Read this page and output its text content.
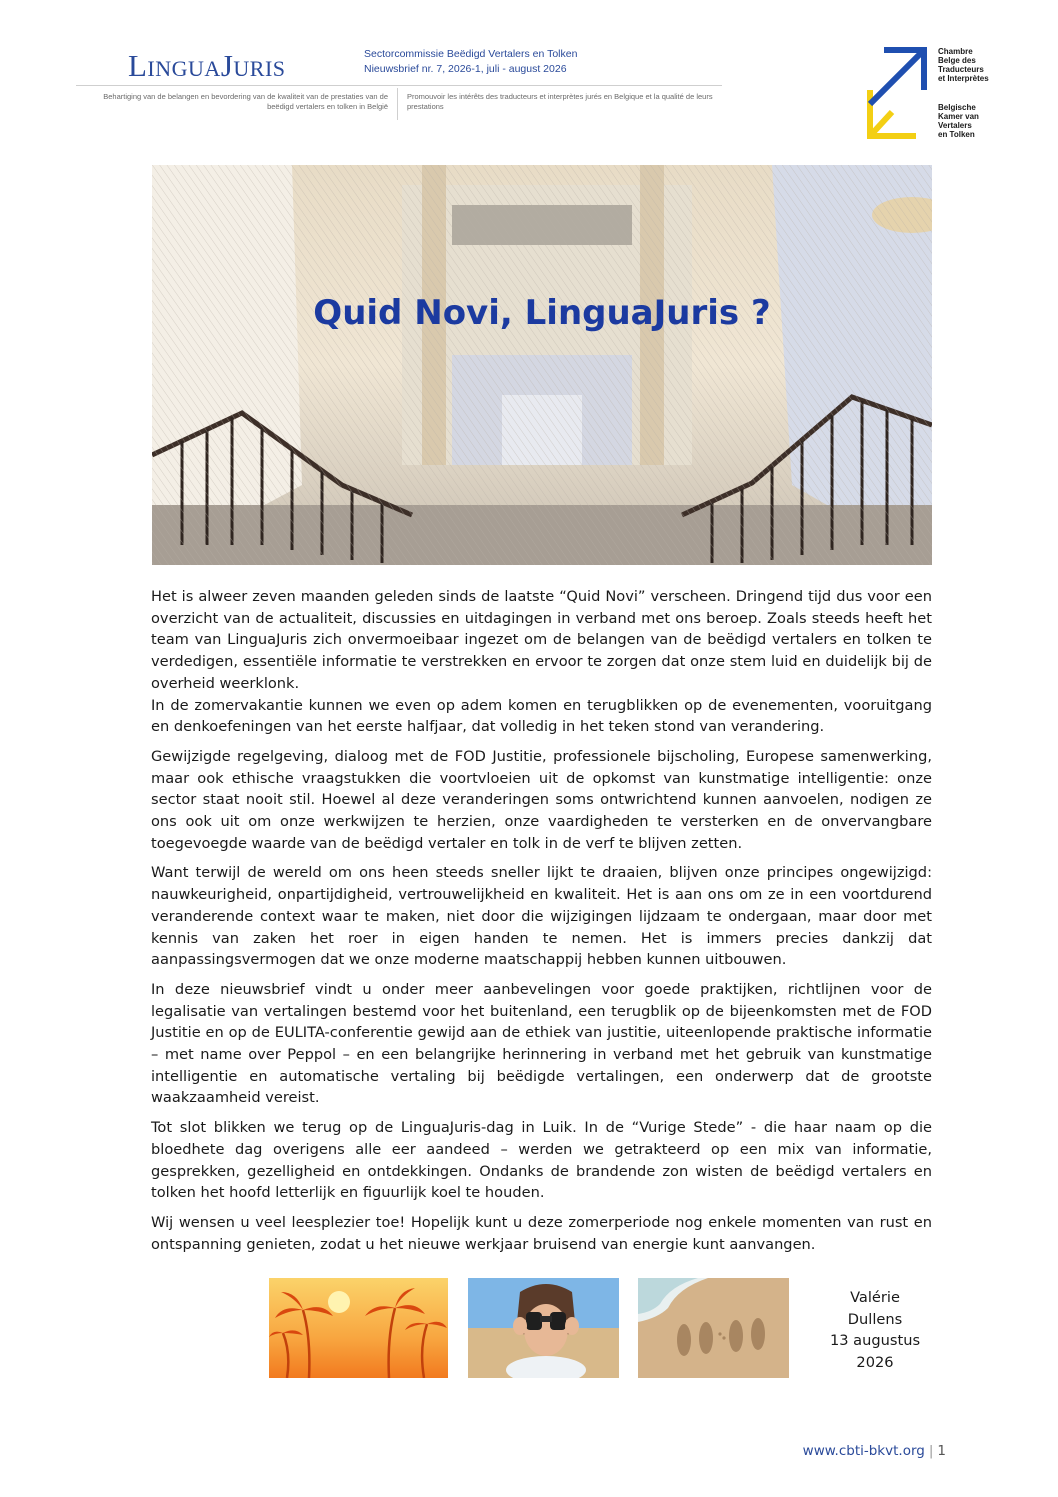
LinguaJuris	Sectorcommissie Beëdigd Vertalers en Tolken
Nieuwsbrief nr. 7, 2026-1, juli - august 2026
Behartiging van de belangen en bevordering van de kwaliteit van de prestaties van de beëdigd vertalers en tolken in België
Promouvoir les intérêts des traducteurs et interprètes jurés en Belgique et la qualité de leurs prestations
Chambre
Belge des
Traducteurs
et Interprètes
Belgische
Kamer van
Vertalers
en Tolken
Quid Novi, LinguaJuris ?

Het is alweer zeven maanden geleden sinds de laatste “Quid Novi” verscheen. Dringend tijd dus voor een overzicht van de actualiteit, discussies en uitdagingen in verband met ons beroep. Zoals steeds heeft het team van LinguaJuris zich onvermoeibaar ingezet om de belangen van de beëdigd vertalers en tolken te verdedigen, essentiële informatie te verstrekken en ervoor te zorgen dat onze stem luid en duidelijk bij de overheid weerklonk.

In de zomervakantie kunnen we even op adem komen en terugblikken op de evenementen, vooruitgang en denkoefeningen van het eerste halfjaar, dat volledig in het teken stond van verandering.

Gewijzigde regelgeving, dialoog met de FOD Justitie, professionele bijscholing, Europese samenwerking, maar ook ethische vraagstukken die voortvloeien uit de opkomst van kunstmatige intelligentie: onze sector staat nooit stil. Hoewel al deze veranderingen soms ontwrichtend kunnen aanvoelen, nodigen ze ons ook uit om onze werkwijzen te herzien, onze vaardigheden te versterken en de onvervangbare toegevoegde waarde van de beëdigd vertaler en tolk in de verf te blijven zetten.

Want terwijl de wereld om ons heen steeds sneller lijkt te draaien, blijven onze principes ongewijzigd: nauwkeurigheid, onpartijdigheid, vertrouwelijkheid en kwaliteit. Het is aan ons om ze in een voortdurend veranderende context waar te maken, niet door die wijzigingen lijdzaam te ondergaan, maar door met kennis van zaken het roer in eigen handen te nemen. Het is immers precies dankzij dat aanpassingsvermogen dat we onze moderne maatschappij hebben kunnen uitbouwen.

In deze nieuwsbrief vindt u onder meer aanbevelingen voor goede praktijken, richtlijnen voor de legalisatie van vertalingen bestemd voor het buitenland, een terugblik op de bijeenkomsten met de FOD Justitie en op de EULITA-conferentie gewijd aan de ethiek van justitie, uiteenlopende praktische informatie – met name over Peppol – en een belangrijke herinnering in verband met het gebruik van kunstmatige intelligentie en automatische vertaling bij beëdigde vertalingen, een onderwerp dat de grootste waakzaamheid vereist.

Tot slot blikken we terug op de LinguaJuris-dag in Luik. In de “Vurige Stede” - die haar naam op die bloedhete dag overigens alle eer aandeed – werden we getrakteerd op een mix van informatie, gesprekken, gezelligheid en ontdekkingen. Ondanks de brandende zon wisten de beëdigd vertalers en tolken het hoofd letterlijk en figuurlijk koel te houden.

Wij wensen u veel leesplezier toe! Hopelijk kunt u deze zomerperiode nog enkele momenten van rust en ontspanning genieten, zodat u het nieuwe werkjaar bruisend van energie kunt aanvangen.

Valérie
Dullens
13 augustus
2026
www.cbti-bkvt.org | 1
